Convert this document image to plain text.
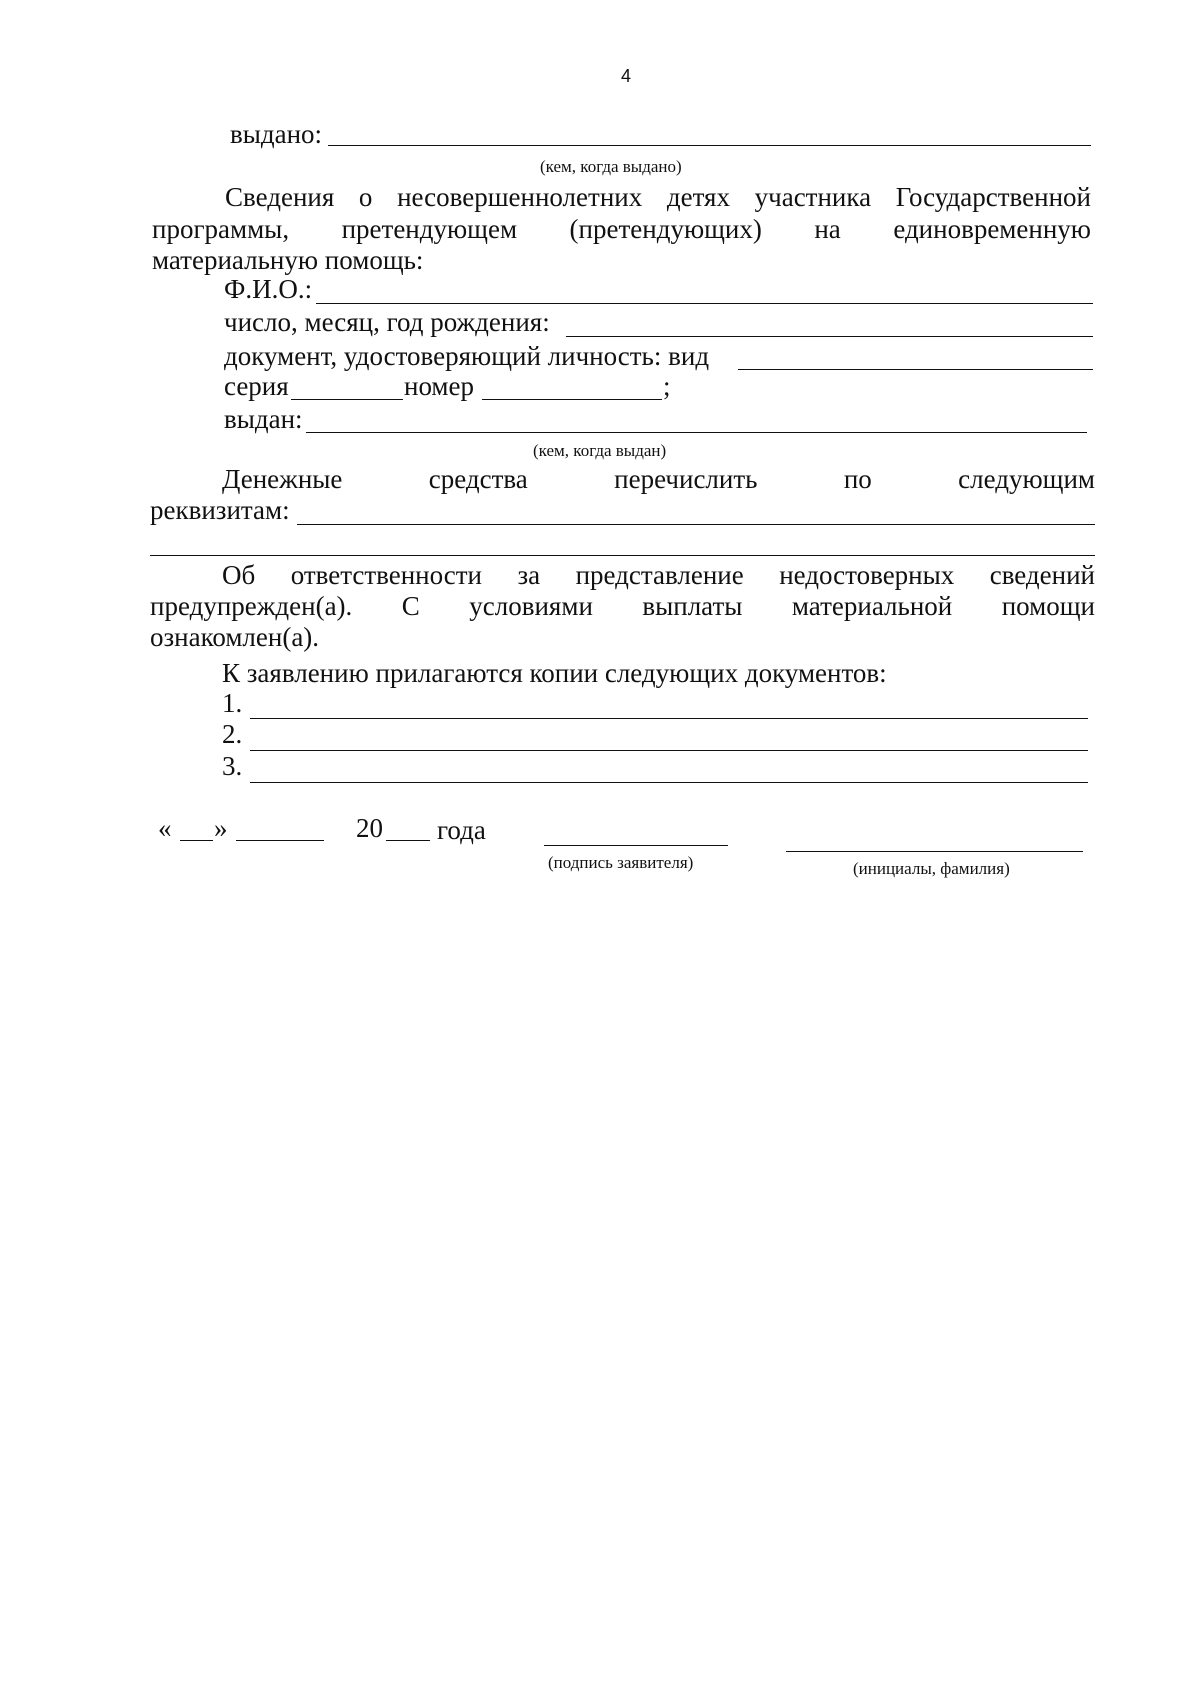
4
выдано:
(кем, когда выдано)
Сведения о несовершеннолетних детях участника Государственной
программы, претендующем (претендующих) на единовременную
материальную помощь:
Ф.И.О.:
число, месяц, год рождения:
документ, удостоверяющий личность: вид
серия	номер	;
выдан:
(кем, когда выдан)
Денежные	средства	перечислить	по	следующим
реквизитам:
Об ответственности за представление недостоверных сведений
предупрежден(а). С условиями выплаты материальной помощи
ознакомлен(а).
К заявлению прилагаются копии следующих документов:
1.
2.
3.
« »	20 года
(подпись заявителя)	(инициалы, фамилия)
